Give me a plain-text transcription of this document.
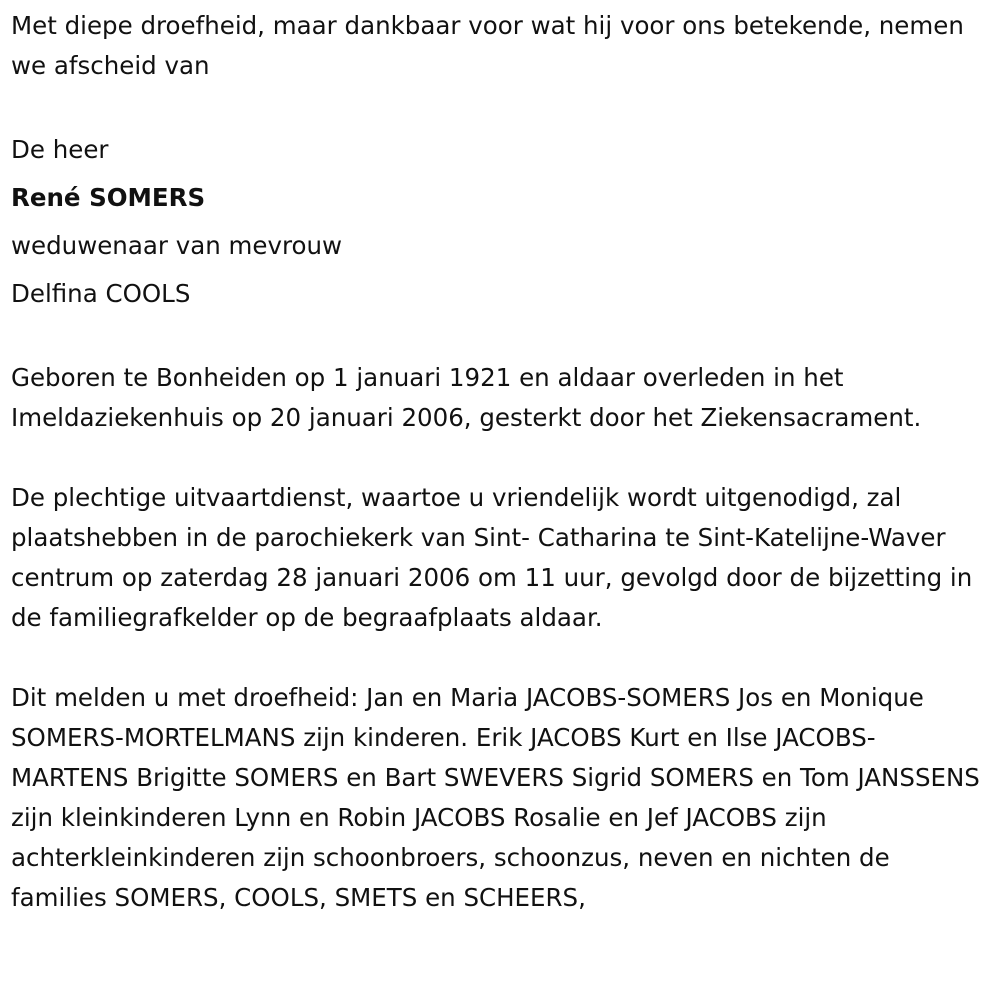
Met diepe droefheid, maar dankbaar voor wat hij voor ons betekende, nemen we afscheid van

De heer

René SOMERS

weduwenaar van mevrouw

Delfina COOLS

Geboren te Bonheiden op 1 januari 1921 en aldaar overleden in het Imeldaziekenhuis op 20 januari 2006, gesterkt door het Ziekensacrament.

De plechtige uitvaartdienst, waartoe u vriendelijk wordt uitgenodigd, zal plaatshebben in de parochiekerk van Sint- Catharina te Sint-Katelijne-Waver centrum op zaterdag 28 januari 2006 om 11 uur, gevolgd door de bijzetting in de familiegrafkelder op de begraafplaats aldaar.

Dit melden u met droefheid: Jan en Maria JACOBS-SOMERS Jos en Monique SOMERS-MORTELMANS zijn kinderen. Erik JACOBS Kurt en Ilse JACOBS-MARTENS Brigitte SOMERS en Bart SWEVERS Sigrid SOMERS en Tom JANSSENS zijn kleinkinderen Lynn en Robin JACOBS Rosalie en Jef JACOBS zijn achterkleinkinderen zijn schoonbroers, schoonzus, neven en nichten de families SOMERS, COOLS, SMETS en SCHEERS,
